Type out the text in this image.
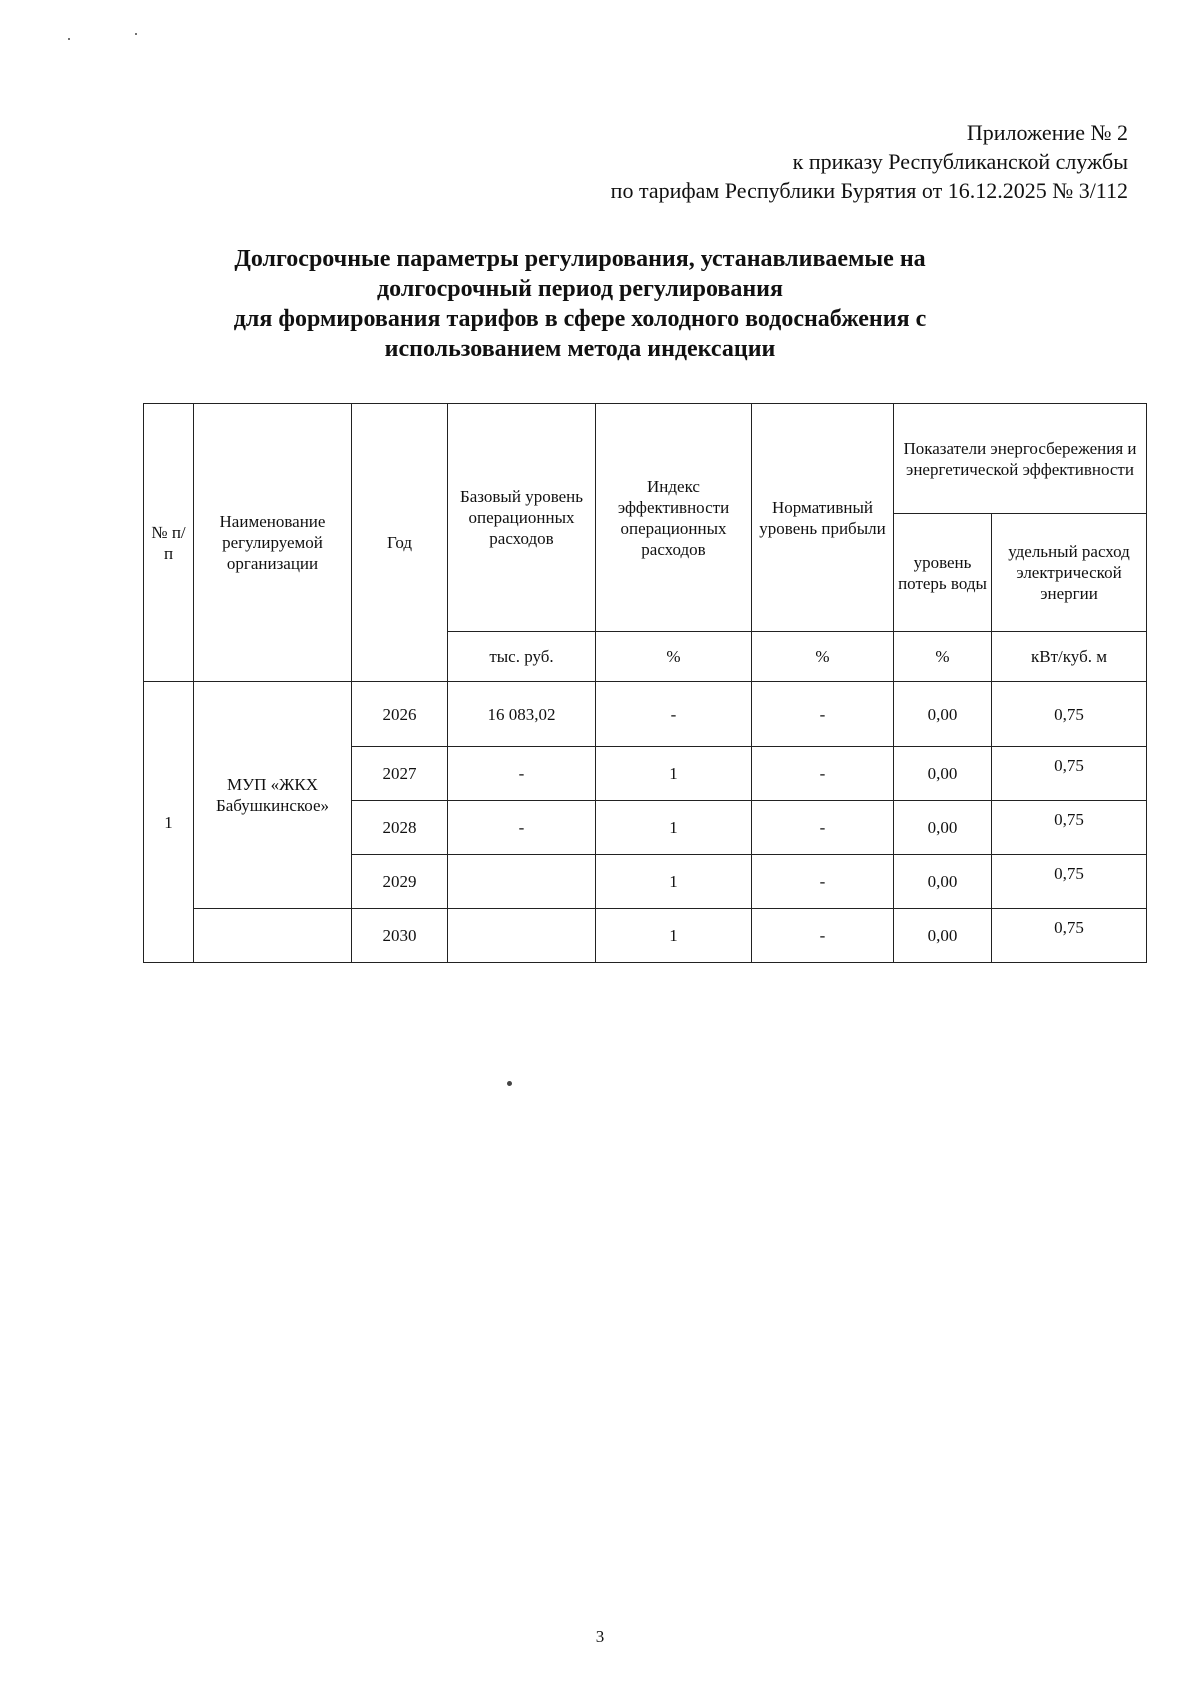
Приложение № 2
к приказу Республиканской службы
по тарифам Республики Бурятия от 16.12.2025 № 3/112
Долгосрочные параметры регулирования, устанавливаемые на
долгосрочный период регулирования
для формирования тарифов в сфере холодного водоснабжения с
использованием метода индексации
№ п/п	Наименование регулируемой организации	Год	Базовый уровень операционных расходов	Индекс эффективности операционных расходов	Нормативный уровень прибыли	Показатели энергосбережения и энергетической эффективности	
						уровень потерь воды	удельный расход электрической энергии
			тыс. руб.	%	%	%	кВт/куб. м
1	МУП «ЖКХ Бабушкинское»	2026	16 083,02	-	-	0,00	0,75
		2027	-	1	-	0,00	0,75
		2028	-	1	-	0,00	0,75
		2029		1	-	0,00	0,75
		2030		1	-	0,00	0,75
3
